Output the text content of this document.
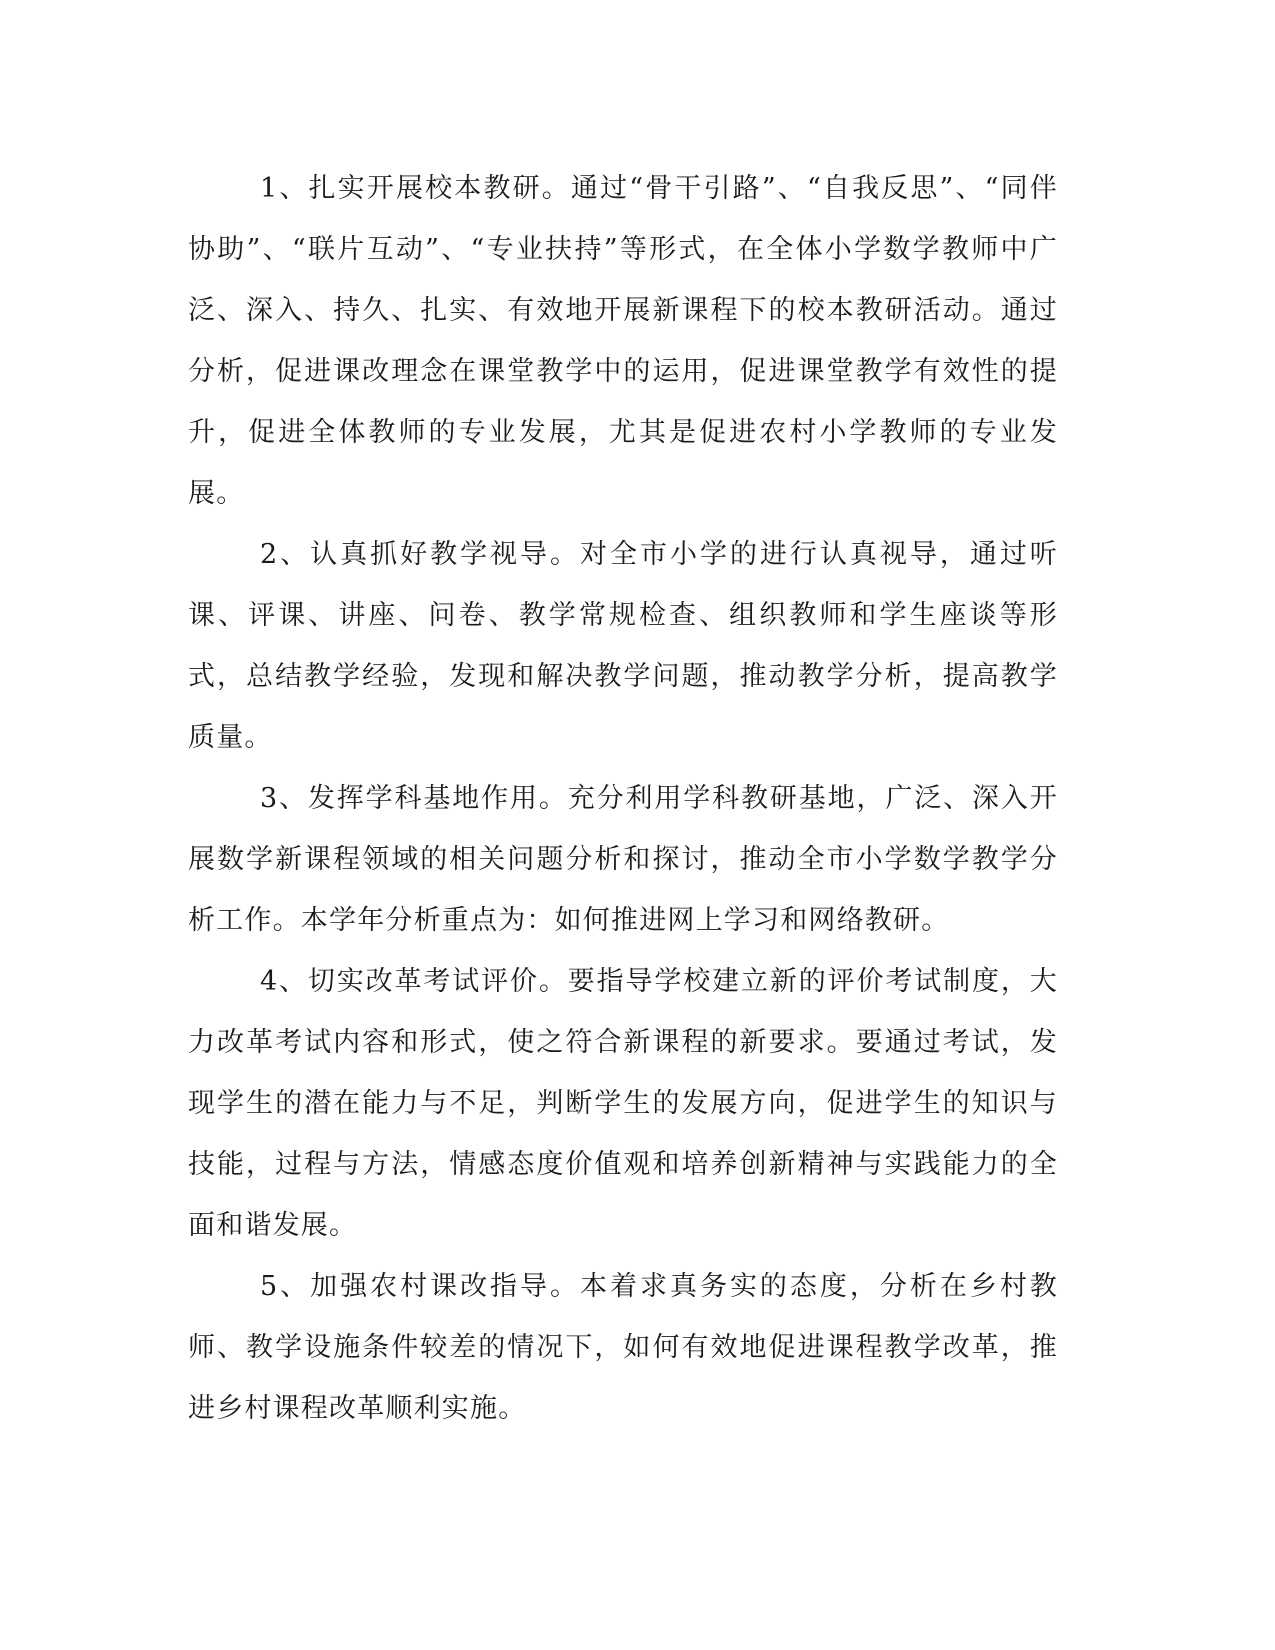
1、扎实开展校本教研。通过“骨干引路”、“自我反思”、“同伴协助”、“联片互动”、“专业扶持”等形式，在全体小学数学教师中广泛、深入、持久、扎实、有效地开展新课程下的校本教研活动。通过分析，促进课改理念在课堂教学中的运用，促进课堂教学有效性的提升，促进全体教师的专业发展，尤其是促进农村小学教师的专业发展。

2、认真抓好教学视导。对全市小学的进行认真视导，通过听课、评课、讲座、问卷、教学常规检查、组织教师和学生座谈等形式，总结教学经验，发现和解决教学问题，推动教学分析，提高教学质量。

3、发挥学科基地作用。充分利用学科教研基地，广泛、深入开展数学新课程领域的相关问题分析和探讨，推动全市小学数学教学分析工作。本学年分析重点为：如何推进网上学习和网络教研。

4、切实改革考试评价。要指导学校建立新的评价考试制度，大力改革考试内容和形式，使之符合新课程的新要求。要通过考试，发现学生的潜在能力与不足，判断学生的发展方向，促进学生的知识与技能，过程与方法，情感态度价值观和培养创新精神与实践能力的全面和谐发展。

5、加强农村课改指导。本着求真务实的态度，分析在乡村教师、教学设施条件较差的情况下，如何有效地促进课程教学改革，推进乡村课程改革顺利实施。
